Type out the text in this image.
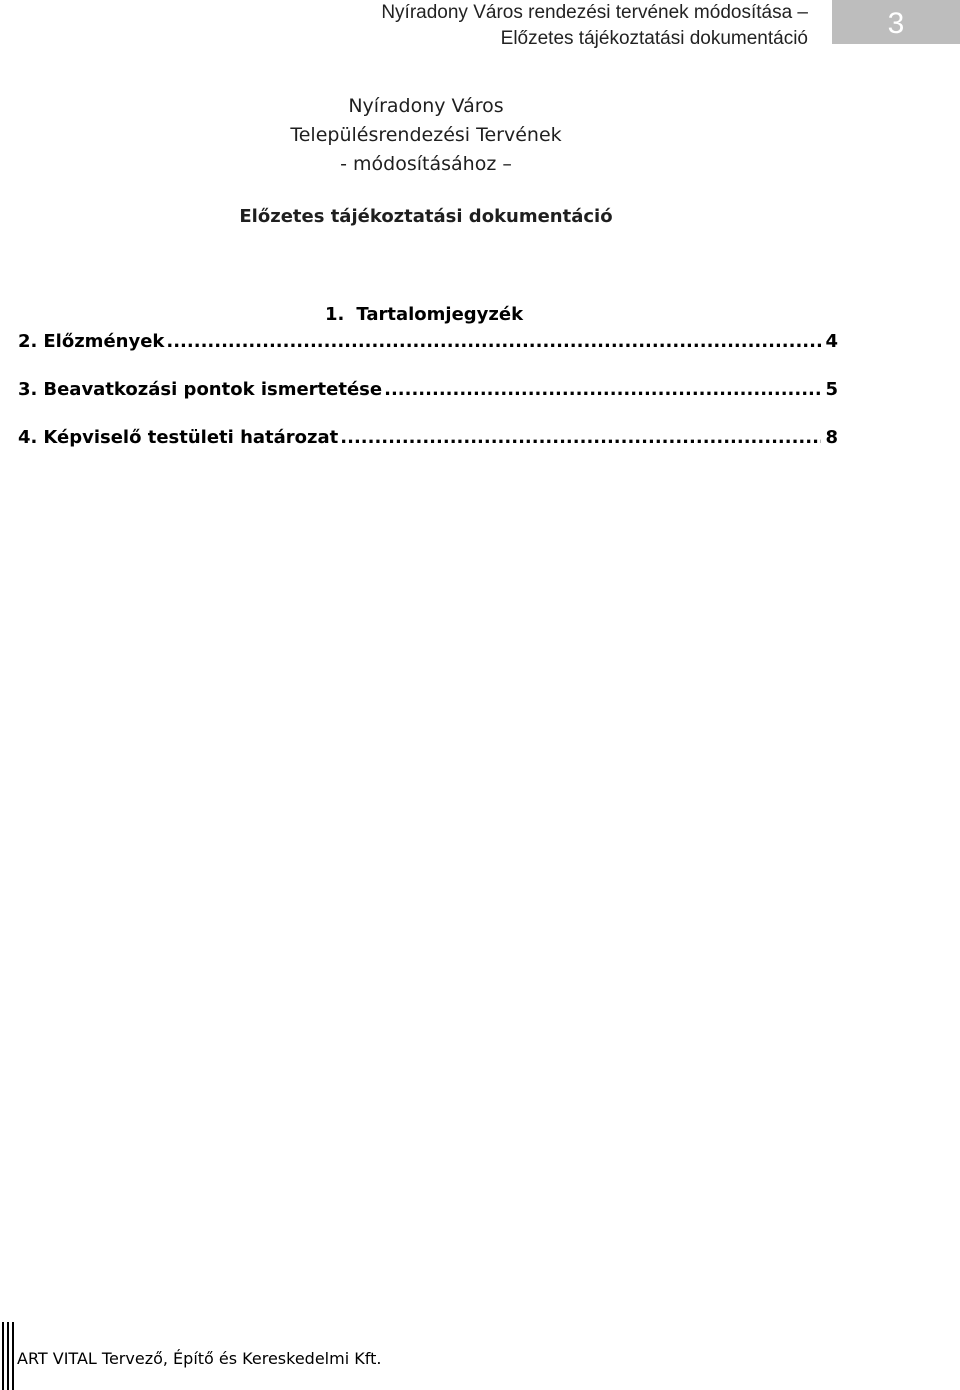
Nyíradony Város rendezési tervének módosítása –
Előzetes tájékoztatási dokumentáció	3
Nyíradony Város
Településrendezési Tervének
- módosításához –
Előzetes tájékoztatási dokumentáció
1. Tartalomjegyzék
2. Előzmények .....	4
3. Beavatkozási pontok ismertetése .....	5
4. Képviselő testületi határozat .....	8
ART VITAL Tervező, Építő és Kereskedelmi Kft.
